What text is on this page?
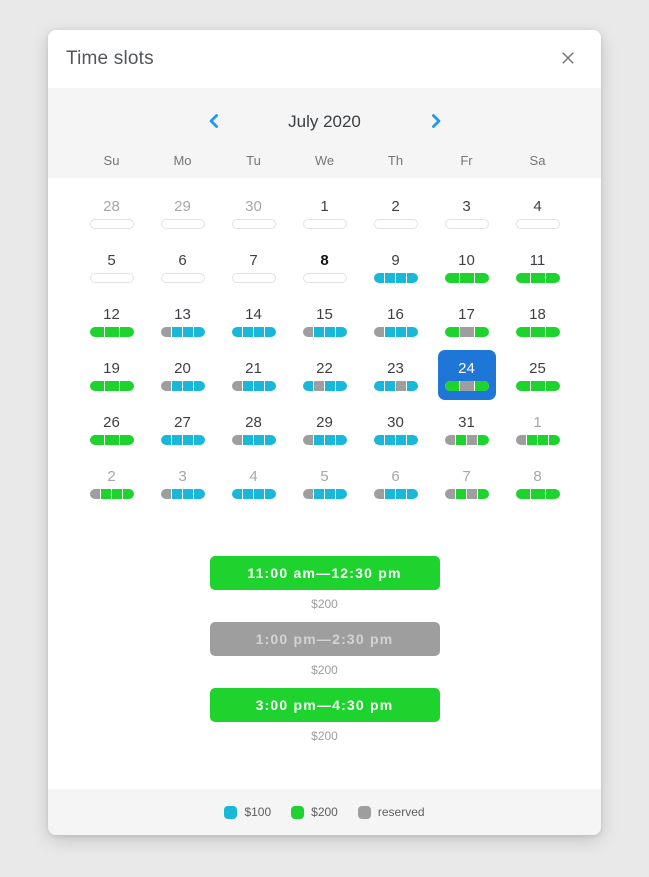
Time slots
July 2020
Su	Mo	Tu	We	Th	Fr	Sa
28	29	30	1	2	3	4
5	6	7	8	9	10	11
12	13	14	15	16	17	18
19	20	21	22	23	24	25
26	27	28	29	30	31	1
2	3	4	5	6	7	8
11:00 am—12:30 pm
$200
1:00 pm—2:30 pm
$200
3:00 pm—4:30 pm
$200
$100	$200	reserved
